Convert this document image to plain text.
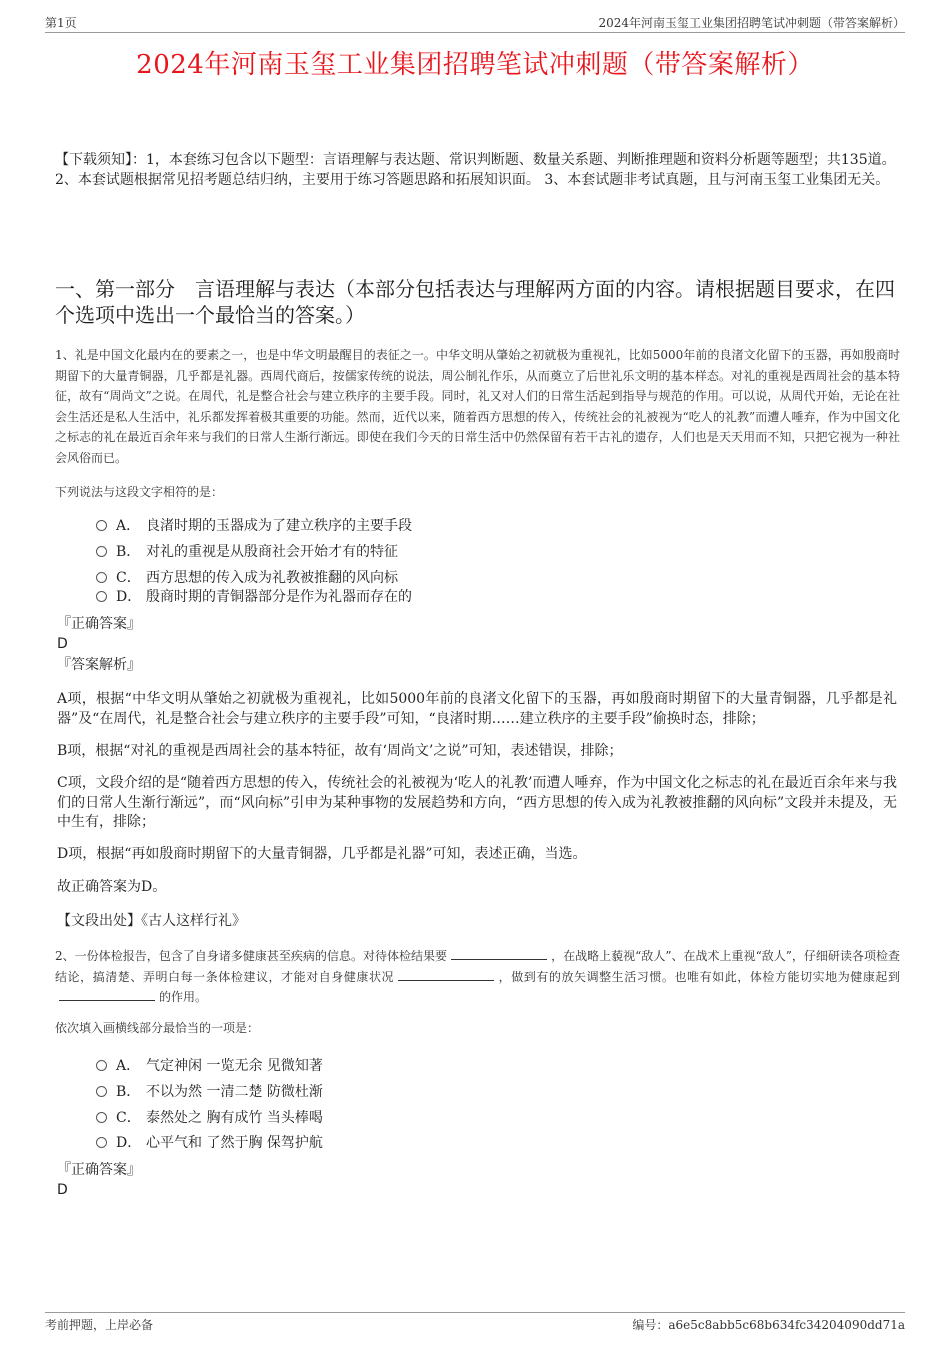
第1页	2024年河南玉玺工业集团招聘笔试冲刺题（带答案解析）
2024年河南玉玺工业集团招聘笔试冲刺题（带答案解析）
【下载须知】：1，本套练习包含以下题型：言语理解与表达题、常识判断题、数量关系题、判断推理题和资料分析题等题型；共135道。 2、本套试题根据常见招考题总结归纳，主要用于练习答题思路和拓展知识面。 3、本套试题非考试真题，且与河南玉玺工业集团无关。
一、第一部分　言语理解与表达（本部分包括表达与理解两方面的内容。请根据题目要求，在四个选项中选出一个最恰当的答案。）
1、礼是中国文化最内在的要素之一，也是中华文明最醒目的表征之一。中华文明从肇始之初就极为重视礼，比如5000年前的良渚文化留下的玉器，再如殷商时期留下的大量青铜器，几乎都是礼器。西周代商后，按儒家传统的说法，周公制礼作乐，从而奠立了后世礼乐文明的基本样态。对礼的重视是西周社会的基本特征，故有“周尚文”之说。在周代，礼是整合社会与建立秩序的主要手段。同时，礼又对人们的日常生活起到指导与规范的作用。可以说，从周代开始，无论在社会生活还是私人生活中，礼乐都发挥着极其重要的功能。然而，近代以来，随着西方思想的传入，传统社会的礼被视为“吃人的礼教”而遭人唾弃，作为中国文化之标志的礼在最近百余年来与我们的日常人生渐行渐远。即使在我们今天的日常生活中仍然保留有若干古礼的遗存，人们也是天天用而不知，只把它视为一种社会风俗而已。
下列说法与这段文字相符的是：
A． 良渚时期的玉器成为了建立秩序的主要手段
B． 对礼的重视是从殷商社会开始才有的特征
C． 西方思想的传入成为礼教被推翻的风向标
D． 殷商时期的青铜器部分是作为礼器而存在的
『正确答案』
D
『答案解析』
A项，根据“中华文明从肇始之初就极为重视礼，比如5000年前的良渚文化留下的玉器，再如殷商时期留下的大量青铜器，几乎都是礼器”及“在周代，礼是整合社会与建立秩序的主要手段”可知，“良渚时期……建立秩序的主要手段”偷换时态，排除；
B项，根据“对礼的重视是西周社会的基本特征，故有‘周尚文’之说”可知，表述错误，排除；
C项，文段介绍的是“随着西方思想的传入，传统社会的礼被视为‘吃人的礼教’而遭人唾弃，作为中国文化之标志的礼在最近百余年来与我们的日常人生渐行渐远”，而“风向标”引申为某种事物的发展趋势和方向，“西方思想的传入成为礼教被推翻的风向标”文段并未提及，无中生有，排除；
D项，根据“再如殷商时期留下的大量青铜器，几乎都是礼器”可知，表述正确，当选。
故正确答案为D。
【文段出处】《古人这样行礼》
2、一份体检报告，包含了自身诸多健康甚至疾病的信息。对待体检结果要	，在战略上藐视“敌人”、在战术上重视“敌人”，仔细研读各项检查结论，搞清楚、弄明白每一条体检建议，才能对自身健康状况	，做到有的放矢调整生活习惯。也唯有如此，体检方能切实地为健康起到的作用。
依次填入画横线部分最恰当的一项是：
A． 气定神闲 一览无余 见微知著
B． 不以为然 一清二楚 防微杜渐
C． 泰然处之 胸有成竹 当头棒喝
D． 心平气和 了然于胸 保驾护航
『正确答案』
D
考前押题，上岸必备	编号：a6e5c8abb5c68b634fc34204090dd71a
